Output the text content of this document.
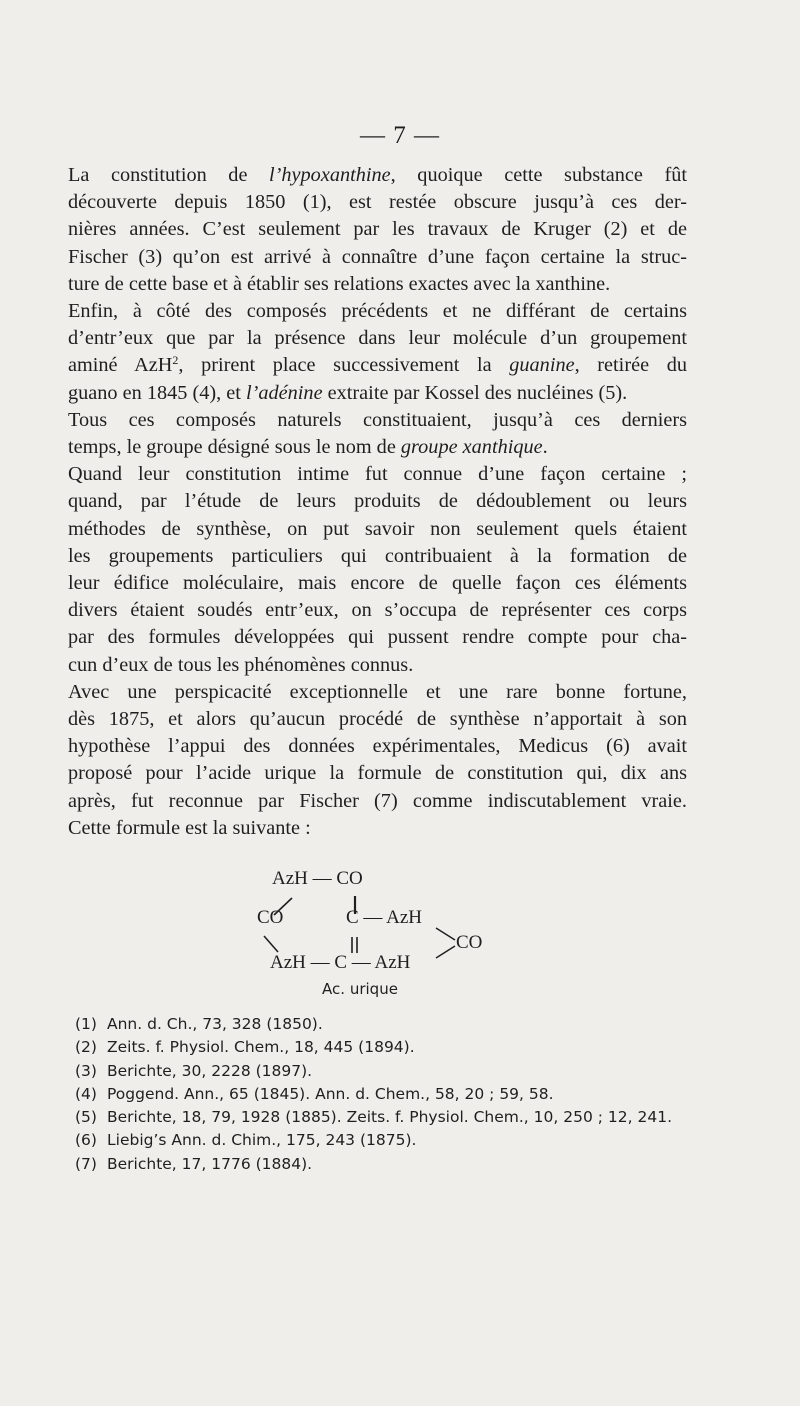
— 7 —

La constitution de l’hypoxanthine, quoique cette substance fût
découverte depuis 1850 (1), est restée obscure jusqu’à ces der-
nières années. C’est seulement par les travaux de Kruger (2) et de
Fischer (3) qu’on est arrivé à connaître d’une façon certaine la struc-
ture de cette base et à établir ses relations exactes avec la xanthine.

Enfin, à côté des composés précédents et ne différant de certains
d’entr’eux que par la présence dans leur molécule d’un groupement
aminé AzH$^2$, prirent place successivement la guanine, retirée du
guano en 1845 (4), et l’adénine extraite par Kossel des nucléines (5).

Tous ces composés naturels constituaient, jusqu’à ces derniers
temps, le groupe désigné sous le nom de groupe xanthique.

Quand leur constitution intime fut connue d’une façon certaine ;
quand, par l’étude de leurs produits de dédoublement ou leurs
méthodes de synthèse, on put savoir non seulement quels étaient
les groupements particuliers qui contribuaient à la formation de
leur édifice moléculaire, mais encore de quelle façon ces éléments
divers étaient soudés entr’eux, on s’occupa de représenter ces corps
par des formules développées qui pussent rendre compte pour cha-
cun d’eux de tous les phénomènes connus.

Avec une perspicacité exceptionnelle et une rare bonne fortune,
dès 1875, et alors qu’aucun procédé de synthèse n’apportait à son
hypothèse l’appui des données expérimentales, Medicus (6) avait
proposé pour l’acide urique la formule de constitution qui, dix ans
après, fut reconnue par Fischer (7) comme indiscutablement vraie.
Cette formule est la suivante :

AzH — CO
CO	C — AzH
CO
AzH — C — AzH
Ac. urique
(1) Ann. d. Ch., 73, 328 (1850).
(2) Zeits. f. Physiol. Chem., 18, 445 (1894).
(3) Berichte, 30, 2228 (1897).
(4) Poggend. Ann., 65 (1845). Ann. d. Chem., 58, 20 ; 59, 58.
(5) Berichte, 18, 79, 1928 (1885). Zeits. f. Physiol. Chem., 10, 250 ; 12, 241.
(6) Liebig’s Ann. d. Chim., 175, 243 (1875).
(7) Berichte, 17, 1776 (1884).
